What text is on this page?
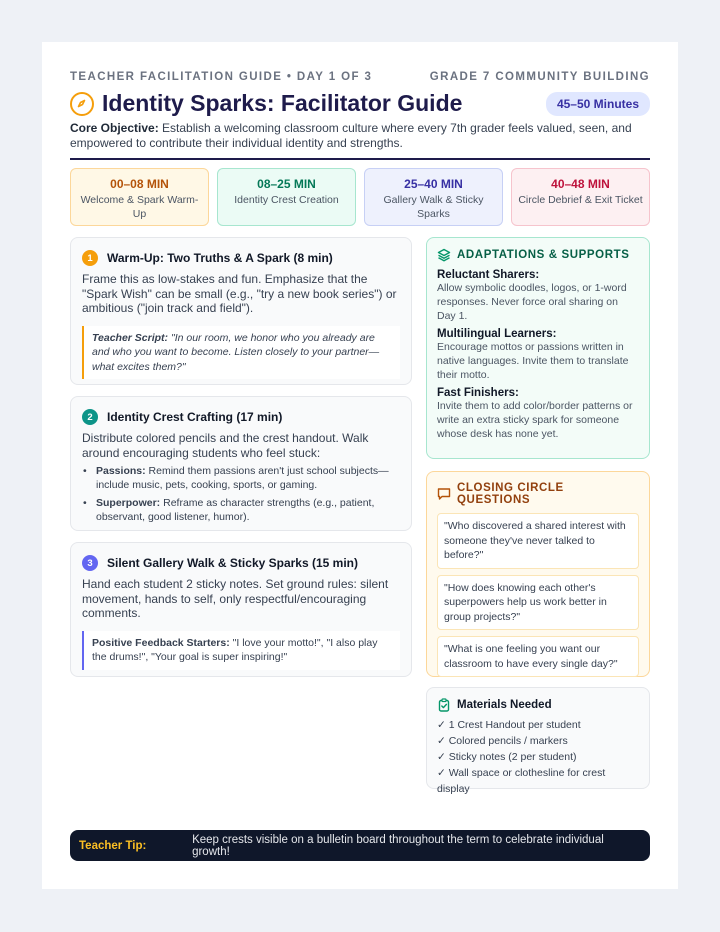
TEACHER FACILITATION GUIDE • DAY 1 OF 3	GRADE 7 COMMUNITY BUILDING
Identity Sparks: Facilitator Guide	45–50 Minutes
Core Objective: Establish a welcoming classroom culture where every 7th grader feels valued, seen, and empowered to contribute their individual identity and strengths.
00–08 MIN
Welcome & Spark Warm-Up
08–25 MIN
Identity Crest Creation
25–40 MIN
Gallery Walk & Sticky Sparks
40–48 MIN
Circle Debrief & Exit Ticket
1	Warm-Up: Two Truths & A Spark (8 min)
Frame this as low-stakes and fun. Emphasize that the "Spark Wish" can be small (e.g., "try a new book series") or ambitious ("join track and field").
Teacher Script: "In our room, we honor who you already are and who you want to become. Listen closely to your partner—what excites them?"
2	Identity Crest Crafting (17 min)
Distribute colored pencils and the crest handout. Walk around encouraging students who feel stuck:
• Passions: Remind them passions aren't just school subjects—include music, pets, cooking, sports, or gaming.
• Superpower: Reframe as character strengths (e.g., patient, observant, good listener, humor).
3	Silent Gallery Walk & Sticky Sparks (15 min)
Hand each student 2 sticky notes. Set ground rules: silent movement, hands to self, only respectful/encouraging comments.
Positive Feedback Starters: "I love your motto!", "I also play the drums!", "Your goal is super inspiring!"
ADAPTATIONS & SUPPORTS
Reluctant Sharers:

Allow symbolic doodles, logos, or 1-word responses. Never force oral sharing on Day 1.

Multilingual Learners:

Encourage mottos or passions written in native languages. Invite them to translate their motto.

Fast Finishers:

Invite them to add color/border patterns or write an extra sticky spark for someone whose desk has none yet.

CLOSING CIRCLE QUESTIONS
"Who discovered a shared interest with someone they've never talked to before?"
"How does knowing each other's superpowers help us work better in group projects?"
"What is one feeling you want our classroom to have every single day?"
Materials Needed
✓ 1 Crest Handout per student
✓ Colored pencils / markers
✓ Sticky notes (2 per student)
✓ Wall space or clothesline for crest display
Teacher Tip:	Keep crests visible on a bulletin board throughout the term to celebrate individual growth!
